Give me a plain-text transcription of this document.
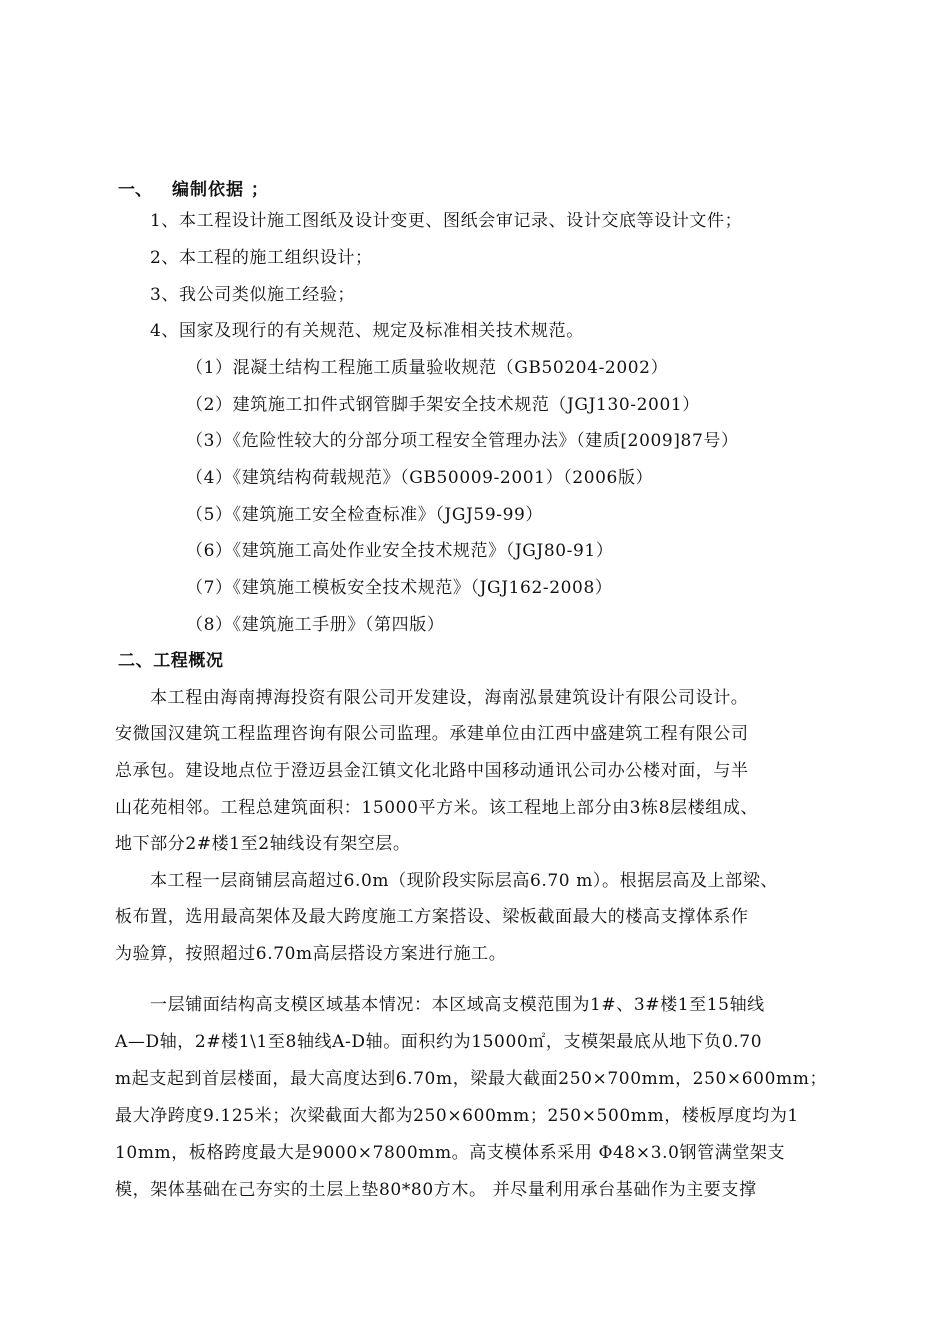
一、 编制依据 ；
1、本工程设计施工图纸及设计变更、图纸会审记录、设计交底等设计文件；
2、本工程的施工组织设计；
3、我公司类似施工经验；
4、国家及现行的有关规范、规定及标准相关技术规范。
（1）混凝土结构工程施工质量验收规范（GB50204-2002）
（2）建筑施工扣件式钢管脚手架安全技术规范（JGJ130-2001）
（3）《危险性较大的分部分项工程安全管理办法》（建质[2009]87号）
（4）《建筑结构荷载规范》（GB50009-2001）（2006版）
（5）《建筑施工安全检查标准》（JGJ59-99）
（6）《建筑施工高处作业安全技术规范》（JGJ80-91）
（7）《建筑施工模板安全技术规范》（JGJ162-2008）
（8）《建筑施工手册》（第四版）
二、工程概况
本工程由海南搏海投资有限公司开发建设，海南泓景建筑设计有限公司设计。
安微国汉建筑工程监理咨询有限公司监理。承建单位由江西中盛建筑工程有限公司
总承包。建设地点位于澄迈县金江镇文化北路中国移动通讯公司办公楼对面，与半
山花苑相邻。工程总建筑面积：15000平方米。该工程地上部分由3栋8层楼组成、
地下部分2#楼1至2轴线设有架空层。
本工程一层商铺层高超过6.0m（现阶段实际层高6.70 m）。根据层高及上部梁、
板布置，选用最高架体及最大跨度施工方案搭设、梁板截面最大的楼高支撑体系作
为验算，按照超过6.70m高层搭设方案进行施工。
一层铺面结构高支模区域基本情况：本区域高支模范围为1#、3#楼1至15轴线
A—D轴，2#楼1\1至8轴线A-D轴。面积约为15000㎡，支模架最底从地下负0.70
m起支起到首层楼面，最大高度达到6.70m，梁最大截面250×700mm，250×600mm；
最大净跨度9.125米；次梁截面大都为250×600mm；250×500mm，楼板厚度均为1
10mm，板格跨度最大是9000×7800mm。高支模体系采用 Φ48×3.0钢管满堂架支
模，架体基础在己夯实的土层上垫80*80方木。 并尽量利用承台基础作为主要支撑
